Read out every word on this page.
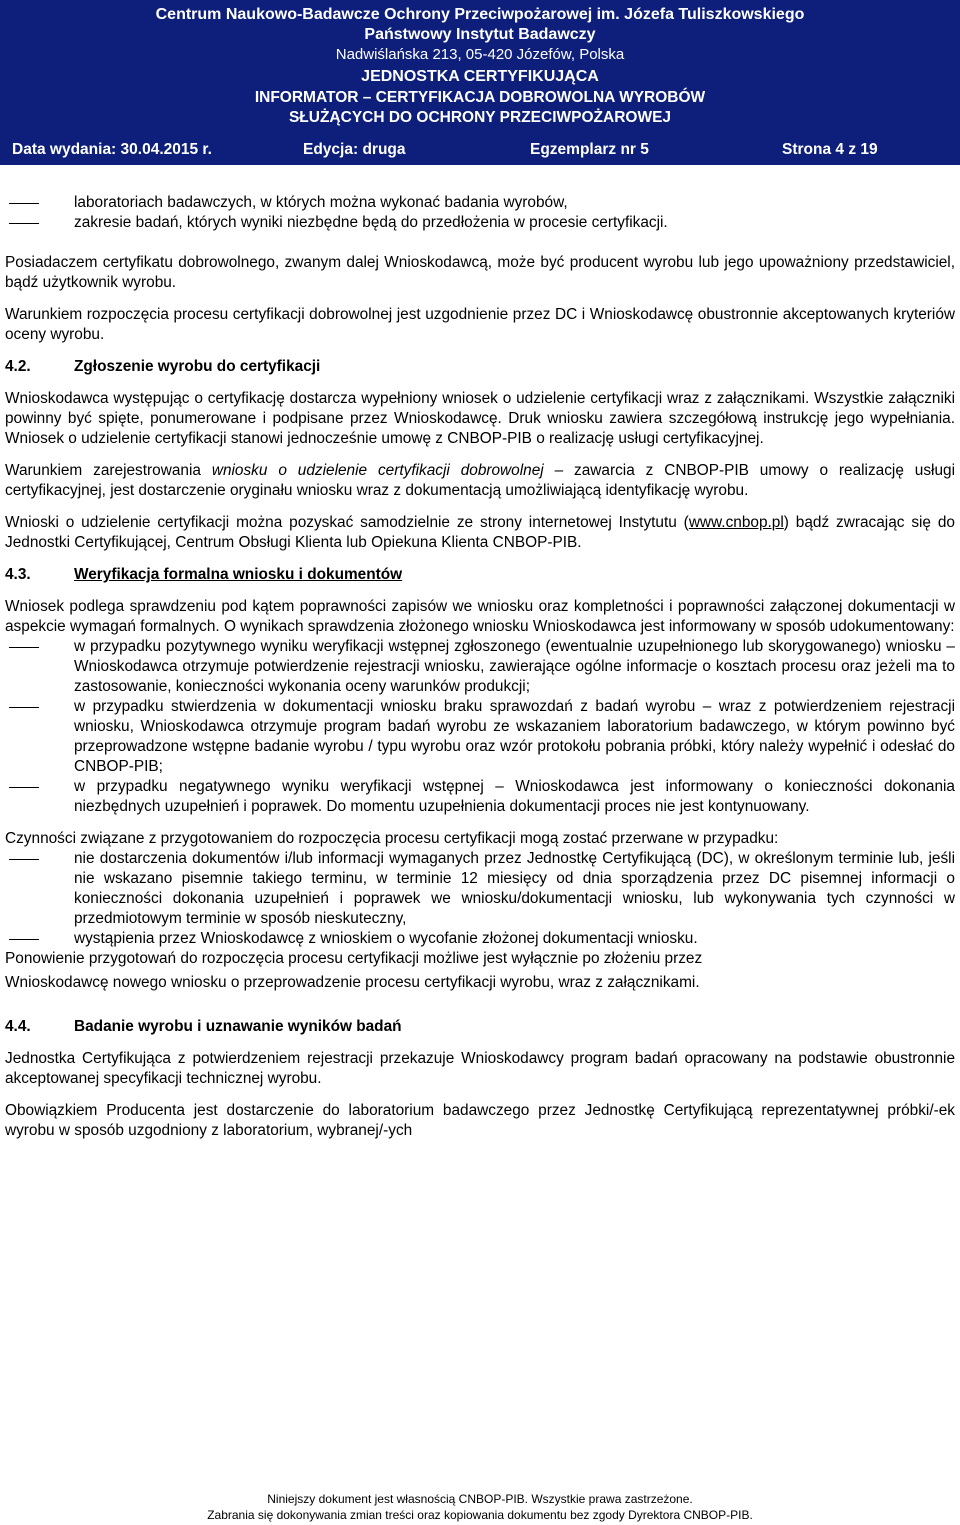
Centrum Naukowo-Badawcze Ochrony Przeciwpożarowej im. Józefa Tuliszkowskiego
Państwowy Instytut Badawczy
Nadwiślańska 213, 05-420 Józefów, Polska
JEDNOSTKA CERTYFIKUJĄCA
INFORMATOR – CERTYFIKACJA DOBROWOLNA WYROBÓW
SŁUŻĄCYCH DO OCHRONY PRZECIWPOŻAROWEJ
Data wydania: 30.04.2015 r.	Edycja: druga	Egzemplarz nr 5	Strona 4 z 19
laboratoriach badawczych, w których można wykonać badania wyrobów,
zakresie badań, których wyniki niezbędne będą do przedłożenia w procesie certyfikacji.

Posiadaczem certyfikatu dobrowolnego, zwanym dalej Wnioskodawcą, może być producent wyrobu lub jego upoważniony przedstawiciel, bądź użytkownik wyrobu.

Warunkiem rozpoczęcia procesu certyfikacji dobrowolnej jest uzgodnienie przez DC i Wnioskodawcę obustronnie akceptowanych kryteriów oceny wyrobu.

4.2.	Zgłoszenie wyrobu do certyfikacji

Wnioskodawca występując o certyfikację dostarcza wypełniony wniosek o udzielenie certyfikacji wraz z załącznikami. Wszystkie załączniki powinny być spięte, ponumerowane i podpisane przez Wnioskodawcę. Druk wniosku zawiera szczegółową instrukcję jego wypełniania. Wniosek o udzielenie certyfikacji stanowi jednocześnie umowę z CNBOP-PIB o realizację usługi certyfikacyjnej.

Warunkiem zarejestrowania wniosku o udzielenie certyfikacji dobrowolnej – zawarcia z CNBOP-PIB umowy o realizację usługi certyfikacyjnej, jest dostarczenie oryginału wniosku wraz z dokumentacją umożliwiającą identyfikację wyrobu.

Wnioski o udzielenie certyfikacji można pozyskać samodzielnie ze strony internetowej Instytutu (www.cnbop.pl) bądź zwracając się do Jednostki Certyfikującej, Centrum Obsługi Klienta lub Opiekuna Klienta CNBOP-PIB.

4.3.	Weryfikacja formalna wniosku i dokumentów

Wniosek podlega sprawdzeniu pod kątem poprawności zapisów we wniosku oraz kompletności i poprawności załączonej dokumentacji w aspekcie wymagań formalnych. O wynikach sprawdzenia złożonego wniosku Wnioskodawca jest informowany w sposób udokumentowany:

w przypadku pozytywnego wyniku weryfikacji wstępnej zgłoszonego (ewentualnie uzupełnionego lub skorygowanego) wniosku – Wnioskodawca otrzymuje potwierdzenie rejestracji wniosku, zawierające ogólne informacje o kosztach procesu oraz jeżeli ma to zastosowanie, konieczności wykonania oceny warunków produkcji;
w przypadku stwierdzenia w dokumentacji wniosku braku sprawozdań z badań wyrobu – wraz z potwierdzeniem rejestracji wniosku, Wnioskodawca otrzymuje program badań wyrobu ze wskazaniem laboratorium badawczego, w którym powinno być przeprowadzone wstępne badanie wyrobu / typu wyrobu oraz wzór protokołu pobrania próbki, który należy wypełnić i odesłać do CNBOP-PIB;
w przypadku negatywnego wyniku weryfikacji wstępnej – Wnioskodawca jest informowany o konieczności dokonania niezbędnych uzupełnień i poprawek. Do momentu uzupełnienia dokumentacji proces nie jest kontynuowany.

Czynności związane z przygotowaniem do rozpoczęcia procesu certyfikacji mogą zostać przerwane w przypadku:

nie dostarczenia dokumentów i/lub informacji wymaganych przez Jednostkę Certyfikującą (DC), w określonym terminie lub, jeśli nie wskazano pisemnie takiego terminu, w terminie 12 miesięcy od dnia sporządzenia przez DC pisemnej informacji o konieczności dokonania uzupełnień i poprawek we wniosku/dokumentacji wniosku, lub wykonywania tych czynności w przedmiotowym terminie w sposób nieskuteczny,
wystąpienia przez Wnioskodawcę z wnioskiem o wycofanie złożonej dokumentacji wniosku.

Ponowienie przygotowań do rozpoczęcia procesu certyfikacji możliwe jest wyłącznie po złożeniu przez

Wnioskodawcę nowego wniosku o przeprowadzenie procesu certyfikacji wyrobu, wraz z załącznikami.

4.4.	Badanie wyrobu i uznawanie wyników badań

Jednostka Certyfikująca z potwierdzeniem rejestracji przekazuje Wnioskodawcy program badań opracowany na podstawie obustronnie akceptowanej specyfikacji technicznej wyrobu.

Obowiązkiem Producenta jest dostarczenie do laboratorium badawczego przez Jednostkę Certyfikującą reprezentatywnej próbki/-ek wyrobu w sposób uzgodniony z laboratorium, wybranej/-ych

Niniejszy dokument jest własnością CNBOP-PIB. Wszystkie prawa zastrzeżone.
Zabrania się dokonywania zmian treści oraz kopiowania dokumentu bez zgody Dyrektora CNBOP-PIB.
